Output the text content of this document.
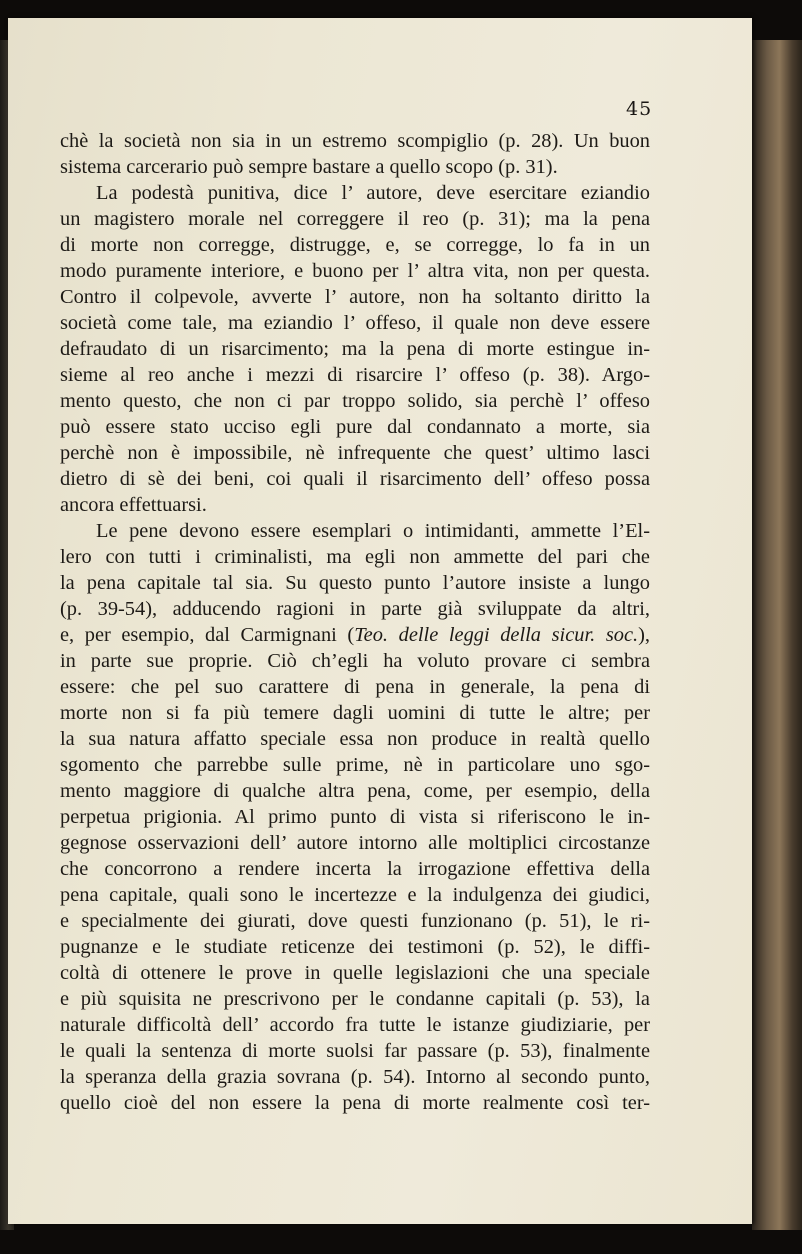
45
chè la società non sia in un estremo scompiglio (p. 28). Un buon
sistema carcerario può sempre bastare a quello scopo (p. 31).
La podestà punitiva, dice l’ autore, deve esercitare eziandio
un magistero morale nel correggere il reo (p. 31); ma la pena
di morte non corregge, distrugge, e, se corregge, lo fa in un
modo puramente interiore, e buono per l’ altra vita, non per questa.
Contro il colpevole, avverte l’ autore, non ha soltanto diritto la
società come tale, ma eziandio l’ offeso, il quale non deve essere
defraudato di un risarcimento; ma la pena di morte estingue in-
sieme al reo anche i mezzi di risarcire l’ offeso (p. 38). Argo-
mento questo, che non ci par troppo solido, sia perchè l’ offeso
può essere stato ucciso egli pure dal condannato a morte, sia
perchè non è impossibile, nè infrequente che quest’ ultimo lasci
dietro di sè dei beni, coi quali il risarcimento dell’ offeso possa
ancora effettuarsi.
Le pene devono essere esemplari o intimidanti, ammette l’El-
lero con tutti i criminalisti, ma egli non ammette del pari che
la pena capitale tal sia. Su questo punto l’autore insiste a lungo
(p. 39-54), adducendo ragioni in parte già sviluppate da altri,
e, per esempio, dal Carmignani (Teo. delle leggi della sicur. soc.),
in parte sue proprie. Ciò ch’egli ha voluto provare ci sembra
essere: che pel suo carattere di pena in generale, la pena di
morte non si fa più temere dagli uomini di tutte le altre; per
la sua natura affatto speciale essa non produce in realtà quello
sgomento che parrebbe sulle prime, nè in particolare uno sgo-
mento maggiore di qualche altra pena, come, per esempio, della
perpetua prigionia. Al primo punto di vista si riferiscono le in-
gegnose osservazioni dell’ autore intorno alle moltiplici circostanze
che concorrono a rendere incerta la irrogazione effettiva della
pena capitale, quali sono le incertezze e la indulgenza dei giudici,
e specialmente dei giurati, dove questi funzionano (p. 51), le ri-
pugnanze e le studiate reticenze dei testimoni (p. 52), le diffi-
coltà di ottenere le prove in quelle legislazioni che una speciale
e più squisita ne prescrivono per le condanne capitali (p. 53), la
naturale difficoltà dell’ accordo fra tutte le istanze giudiziarie, per
le quali la sentenza di morte suolsi far passare (p. 53), finalmente
la speranza della grazia sovrana (p. 54). Intorno al secondo punto,
quello cioè del non essere la pena di morte realmente così ter-
